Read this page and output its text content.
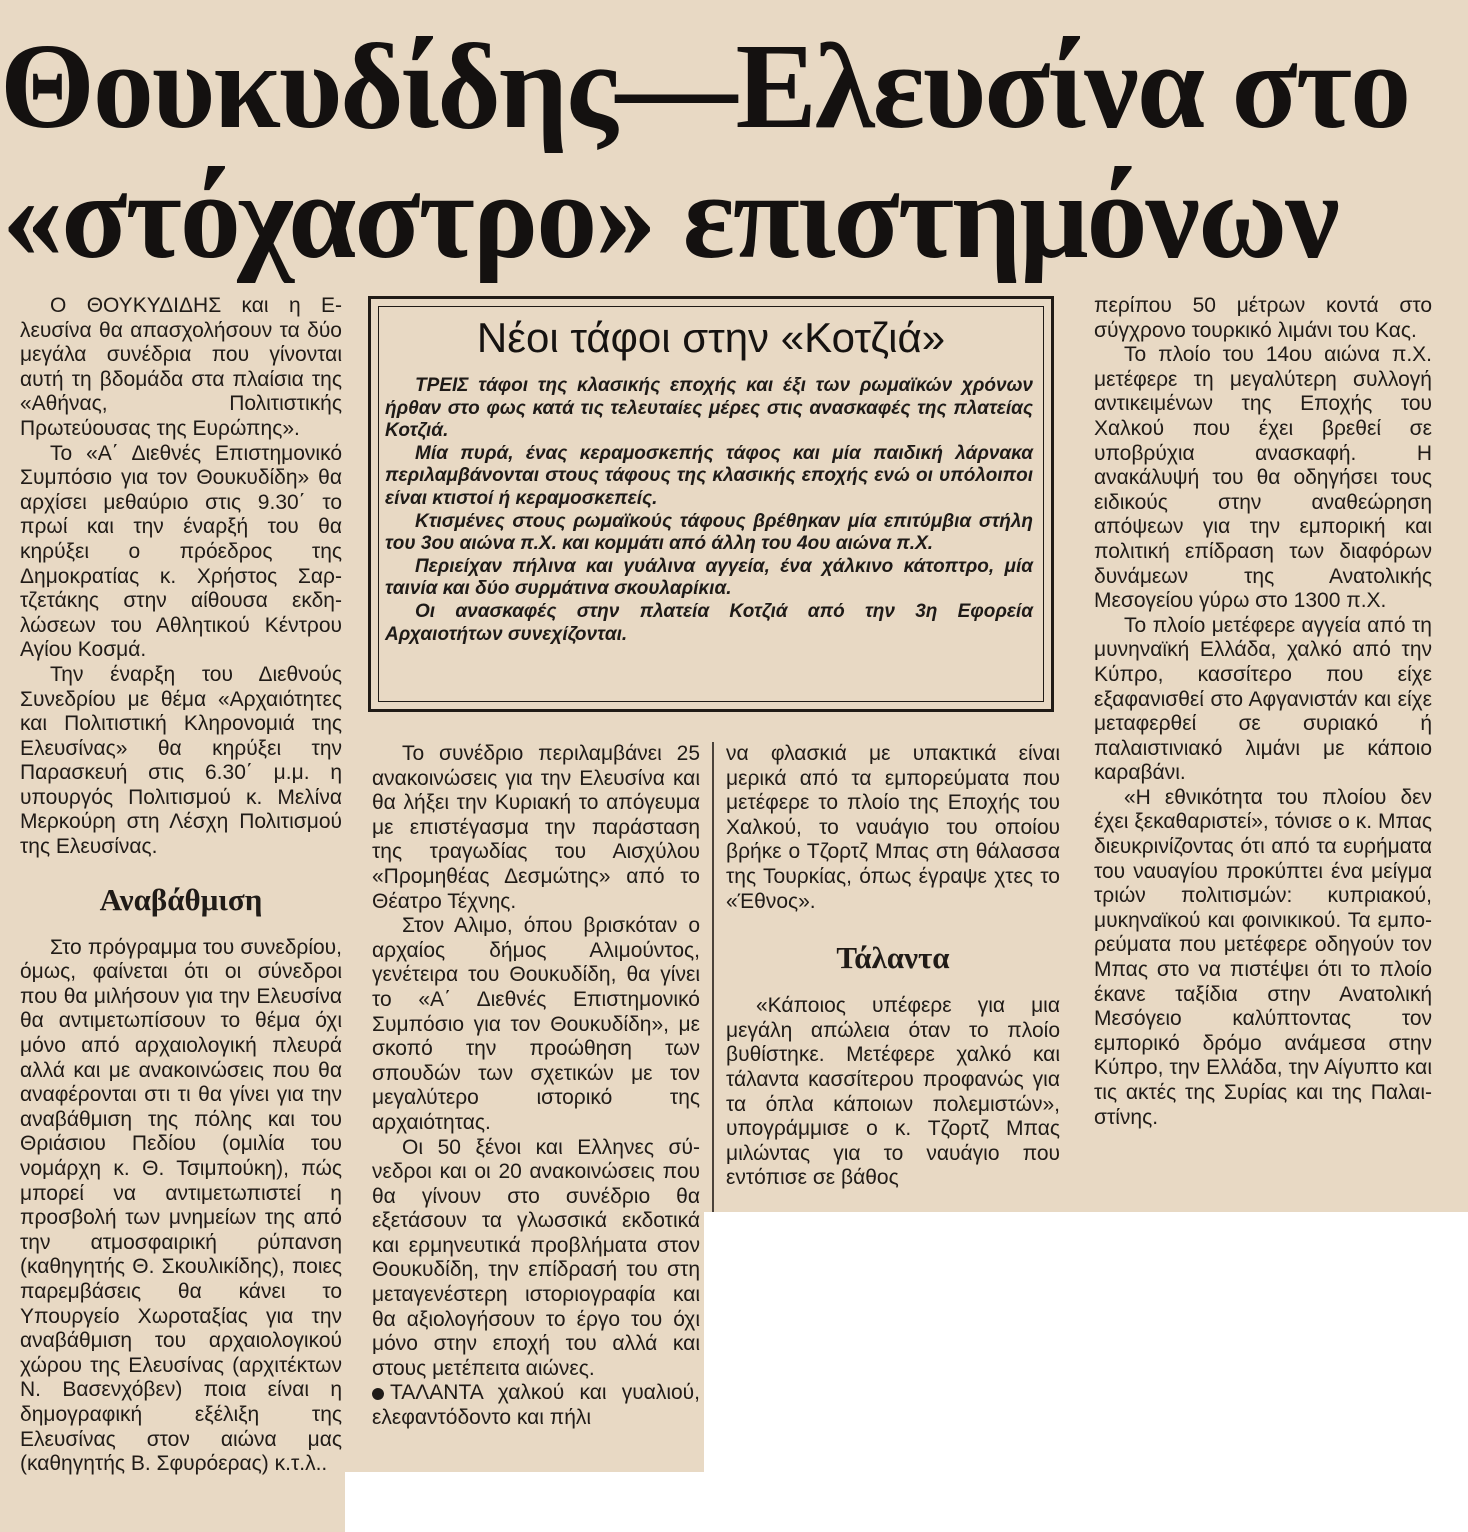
Θουκυδίδης—Ελευσίνα στο
«στόχαστρο» επιστημόνων

Ο ΘΟΥΚΥΔΙΔΗΣ και η Ελευσίνα θα απασχολήσουν τα δύο μεγάλα συνέδρια που γίνονται αυτή τη βδομάδα στα πλαίσια της «Αθήνας, Πολιτιστικής Πρωτεύουσας της Ευρώπης».

Το «Α΄ Διεθνές Επιστημονικό Συμπόσιο για τον Θουκυδίδη» θα αρχίσει μεθαύριο στις 9.30΄ το πρωί και την έναρξή του θα κηρύξει ο πρόεδρος της Δημοκρατίας κ. Χρήστος Σαρτζετάκης στην αίθουσα εκδηλώσεων του Αθλητικού Κέντρου Αγίου Κοσμά.

Την έναρξη του Διεθνούς Συνεδρίου με θέμα «Αρχαιότητες και Πολιτιστική Κληρονομιά της Ελευσίνας» θα κηρύξει την Παρασκευή στις 6.30΄ μ.μ. η υπουργός Πολιτισμού κ. Μελίνα Μερκούρη στη Λέσχη Πολιτισμού της Ελευσίνας.

Αναβάθμιση

Στο πρόγραμμα του συνεδρίου, όμως, φαίνεται ότι οι σύνεδροι που θα μιλήσουν για την Ελευσίνα θα αντιμετωπίσουν το θέμα όχι μόνο από αρχαιολογική πλευρά αλλά και με ανακοινώσεις που θα αναφέρονται στι τι θα γίνει για την αναβάθμιση της πόλης και του Θριάσιου Πεδίου (ομιλία του νομάρχη κ. Θ. Τσιμπούκη), πώς μπορεί να αντιμετωπιστεί η προσβολή των μνημείων της από την ατμοσφαιρική ρύπανση (καθηγητής Θ. Σκουλικίδης), ποιες παρεμβάσεις θα κάνει το Υπουργείο Χωροταξίας για την αναβάθμιση του αρχαιολογικού χώρου της Ελευσίνας (αρχιτέκτων Ν. Βασενχόβεν) ποια είναι η δημογραφική εξέλιξη της Ελευσίνας στον αιώνα μας (καθηγητής Β. Σφυρόερας) κ.τ.λ..

Νέοι τάφοι στην «Κοτζιά»

ΤΡΕΙΣ τάφοι της κλασικής εποχής και έξι των ρωμαϊκών χρόνων ήρθαν στο φως κατά τις τελευταίες μέρες στις ανασκαφές της πλατείας Κοτζιά.

Μία πυρά, ένας κεραμοσκεπής τάφος και μία παιδική λάρνακα περιλαμβάνονται στους τάφους της κλασικής εποχής ενώ οι υπόλοιποι είναι κτιστοί ή κεραμοσκεπείς.

Κτισμένες στους ρωμαϊκούς τάφους βρέθηκαν μία επιτύμβια στήλη του 3ου αιώνα π.Χ. και κομμάτι από άλλη του 4ου αιώνα π.Χ.

Περιείχαν πήλινα και γυάλινα αγγεία, ένα χάλκινο κάτοπτρο, μία ταινία και δύο συρμάτινα σκουλαρίκια.

Οι ανασκαφές στην πλατεία Κοτζιά από την 3η Εφορεία Αρχαιοτήτων συνεχίζονται.

Το συνέδριο περιλαμβάνει 25 ανακοινώσεις για την Ελευσίνα και θα λήξει την Κυριακή το απόγευμα με επιστέγασμα την παράσταση της τραγωδίας του Αισχύλου «Προμηθέας Δεσμώτης» από το Θέατρο Τέχνης.

Στον Αλιμο, όπου βρισκόταν ο αρχαίος δήμος Αλιμούντος, γενέτειρα του Θουκυδίδη, θα γίνει το «Α΄ Διεθνές Επιστημονικό Συμπόσιο για τον Θουκυδίδη», με σκοπό την προώθηση των σπουδών των σχετικών με τον μεγαλύτερο ιστορικό της αρχαιότητας.

Οι 50 ξένοι και Ελληνες σύνεδροι και οι 20 ανακοινώσεις που θα γίνουν στο συνέδριο θα εξετάσουν τα γλωσσικά εκδοτικά και ερμηνευτικά προβλήματα στον Θουκυδίδη, την επίδρασή του στη μεταγενέστερη ιστοριογραφία και θα αξιολογήσουν το έργο του όχι μόνο στην εποχή του αλλά και στους μετέπειτα αιώνες.

ΤΑΛΑΝΤΑ χαλκού και γυαλιού, ελεφαντόδοντο και πήλι

να φλασκιά με υπακτικά είναι μερικά από τα εμπορεύματα που μετέφερε το πλοίο της Εποχής του Χαλκού, το ναυάγιο του οποίου βρήκε ο Τζορτζ Μπας στη θάλασσα της Τουρκίας, όπως έγραψε χτες το «Έθνος».

Τάλαντα

«Κάποιος υπέφερε για μια μεγάλη απώλεια όταν το πλοίο βυθίστηκε. Μετέφερε χαλκό και τάλαντα κασσίτερου προφανώς για τα όπλα κάποιων πολεμιστών», υπογράμμισε ο κ. Τζορτζ Μπας μιλώντας για το ναυάγιο που εντόπισε σε βάθος

περίπου 50 μέτρων κοντά στο σύγχρονο τουρκικό λιμάνι του Κας.

Το πλοίο του 14ου αιώνα π.Χ. μετέφερε τη μεγαλύτερη συλλογή αντικειμένων της Εποχής του Χαλκού που έχει βρεθεί σε υποβρύχια ανασκαφή. Η ανακάλυψή του θα οδηγήσει τους ειδικούς στην αναθεώρηση απόψεων για την εμπορική και πολιτική επίδραση των διαφόρων δυνάμεων της Ανατολικής Μεσογείου γύρω στο 1300 π.Χ.

Το πλοίο μετέφερε αγγεία από τη μυνηναϊκή Ελλάδα, χαλκό από την Κύπρο, κασσίτερο που είχε εξαφανισθεί στο Αφγανιστάν και είχε μεταφερθεί σε συριακό ή παλαιστινιακό λιμάνι με κάποιο καραβάνι.

«Η εθνικότητα του πλοίου δεν έχει ξεκαθαριστεί», τόνισε ο κ. Μπας διευκρινίζοντας ότι από τα ευρήματα του ναυαγίου προκύπτει ένα μείγμα τριών πολιτισμών: κυπριακού, μυκηναϊκού και φοινικικού. Τα εμπορεύματα που μετέφερε οδηγούν τον Μπας στο να πιστέψει ότι το πλοίο έκανε ταξίδια στην Ανατολική Μεσόγειο καλύπτοντας τον εμπορικό δρόμο ανάμεσα στην Κύπρο, την Ελλάδα, την Αίγυπτο και τις ακτές της Συρίας και της Παλαιστίνης.
